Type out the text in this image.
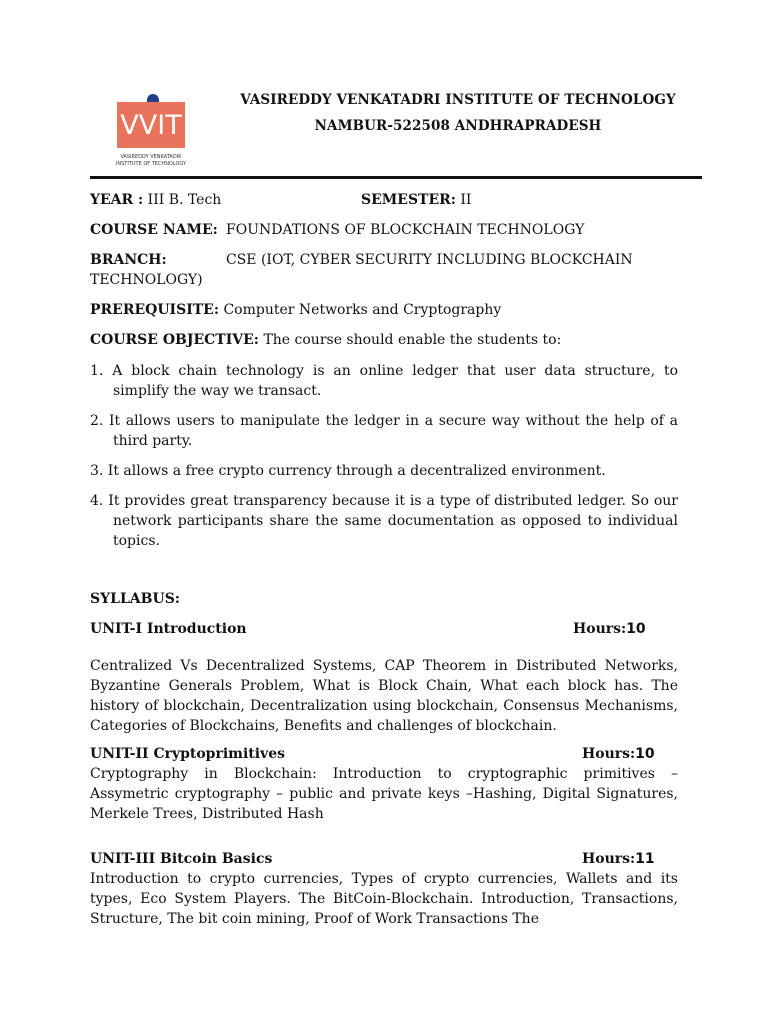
VVIT
VASIREDDY VENKATADRI INSTITUTE OF TECHNOLOGY
VASIREDDY VENKATADRI INSTITUTE OF TECHNOLOGY
NAMBUR-522508 ANDHRAPRADESH
YEAR : III B. Tech	SEMESTER: II
COURSE NAME: FOUNDATIONS OF BLOCKCHAIN TECHNOLOGY
BRANCH:	CSE (IOT, CYBER SECURITY INCLUDING BLOCKCHAIN
TECHNOLOGY)
PREREQUISITE: Computer Networks and Cryptography
COURSE OBJECTIVE: The course should enable the students to:
1. A block chain technology is an online ledger that user data structure, to simplify the way we transact.
2. It allows users to manipulate the ledger in a secure way without the help of a third party.
3. It allows a free crypto currency through a decentralized environment.
4. It provides great transparency because it is a type of distributed ledger. So our network participants share the same documentation as opposed to individual topics.
SYLLABUS:
UNIT-I Introduction	Hours:10
Centralized Vs Decentralized Systems, CAP Theorem in Distributed Networks, Byzantine Generals Problem, What is Block Chain, What each block has. The history of blockchain, Decentralization using blockchain, Consensus Mechanisms, Categories of Blockchains, Benefits and challenges of blockchain.
UNIT-II Cryptoprimitives	Hours:10
Cryptography in Blockchain: Introduction to cryptographic primitives – Assymetric cryptography – public and private keys –Hashing, Digital Signatures, Merkele Trees, Distributed Hash
UNIT-III Bitcoin Basics	Hours:11
Introduction to crypto currencies, Types of crypto currencies, Wallets and its types, Eco System Players. The BitCoin-Blockchain. Introduction, Transactions, Structure, The bit coin mining, Proof of Work Transactions The
